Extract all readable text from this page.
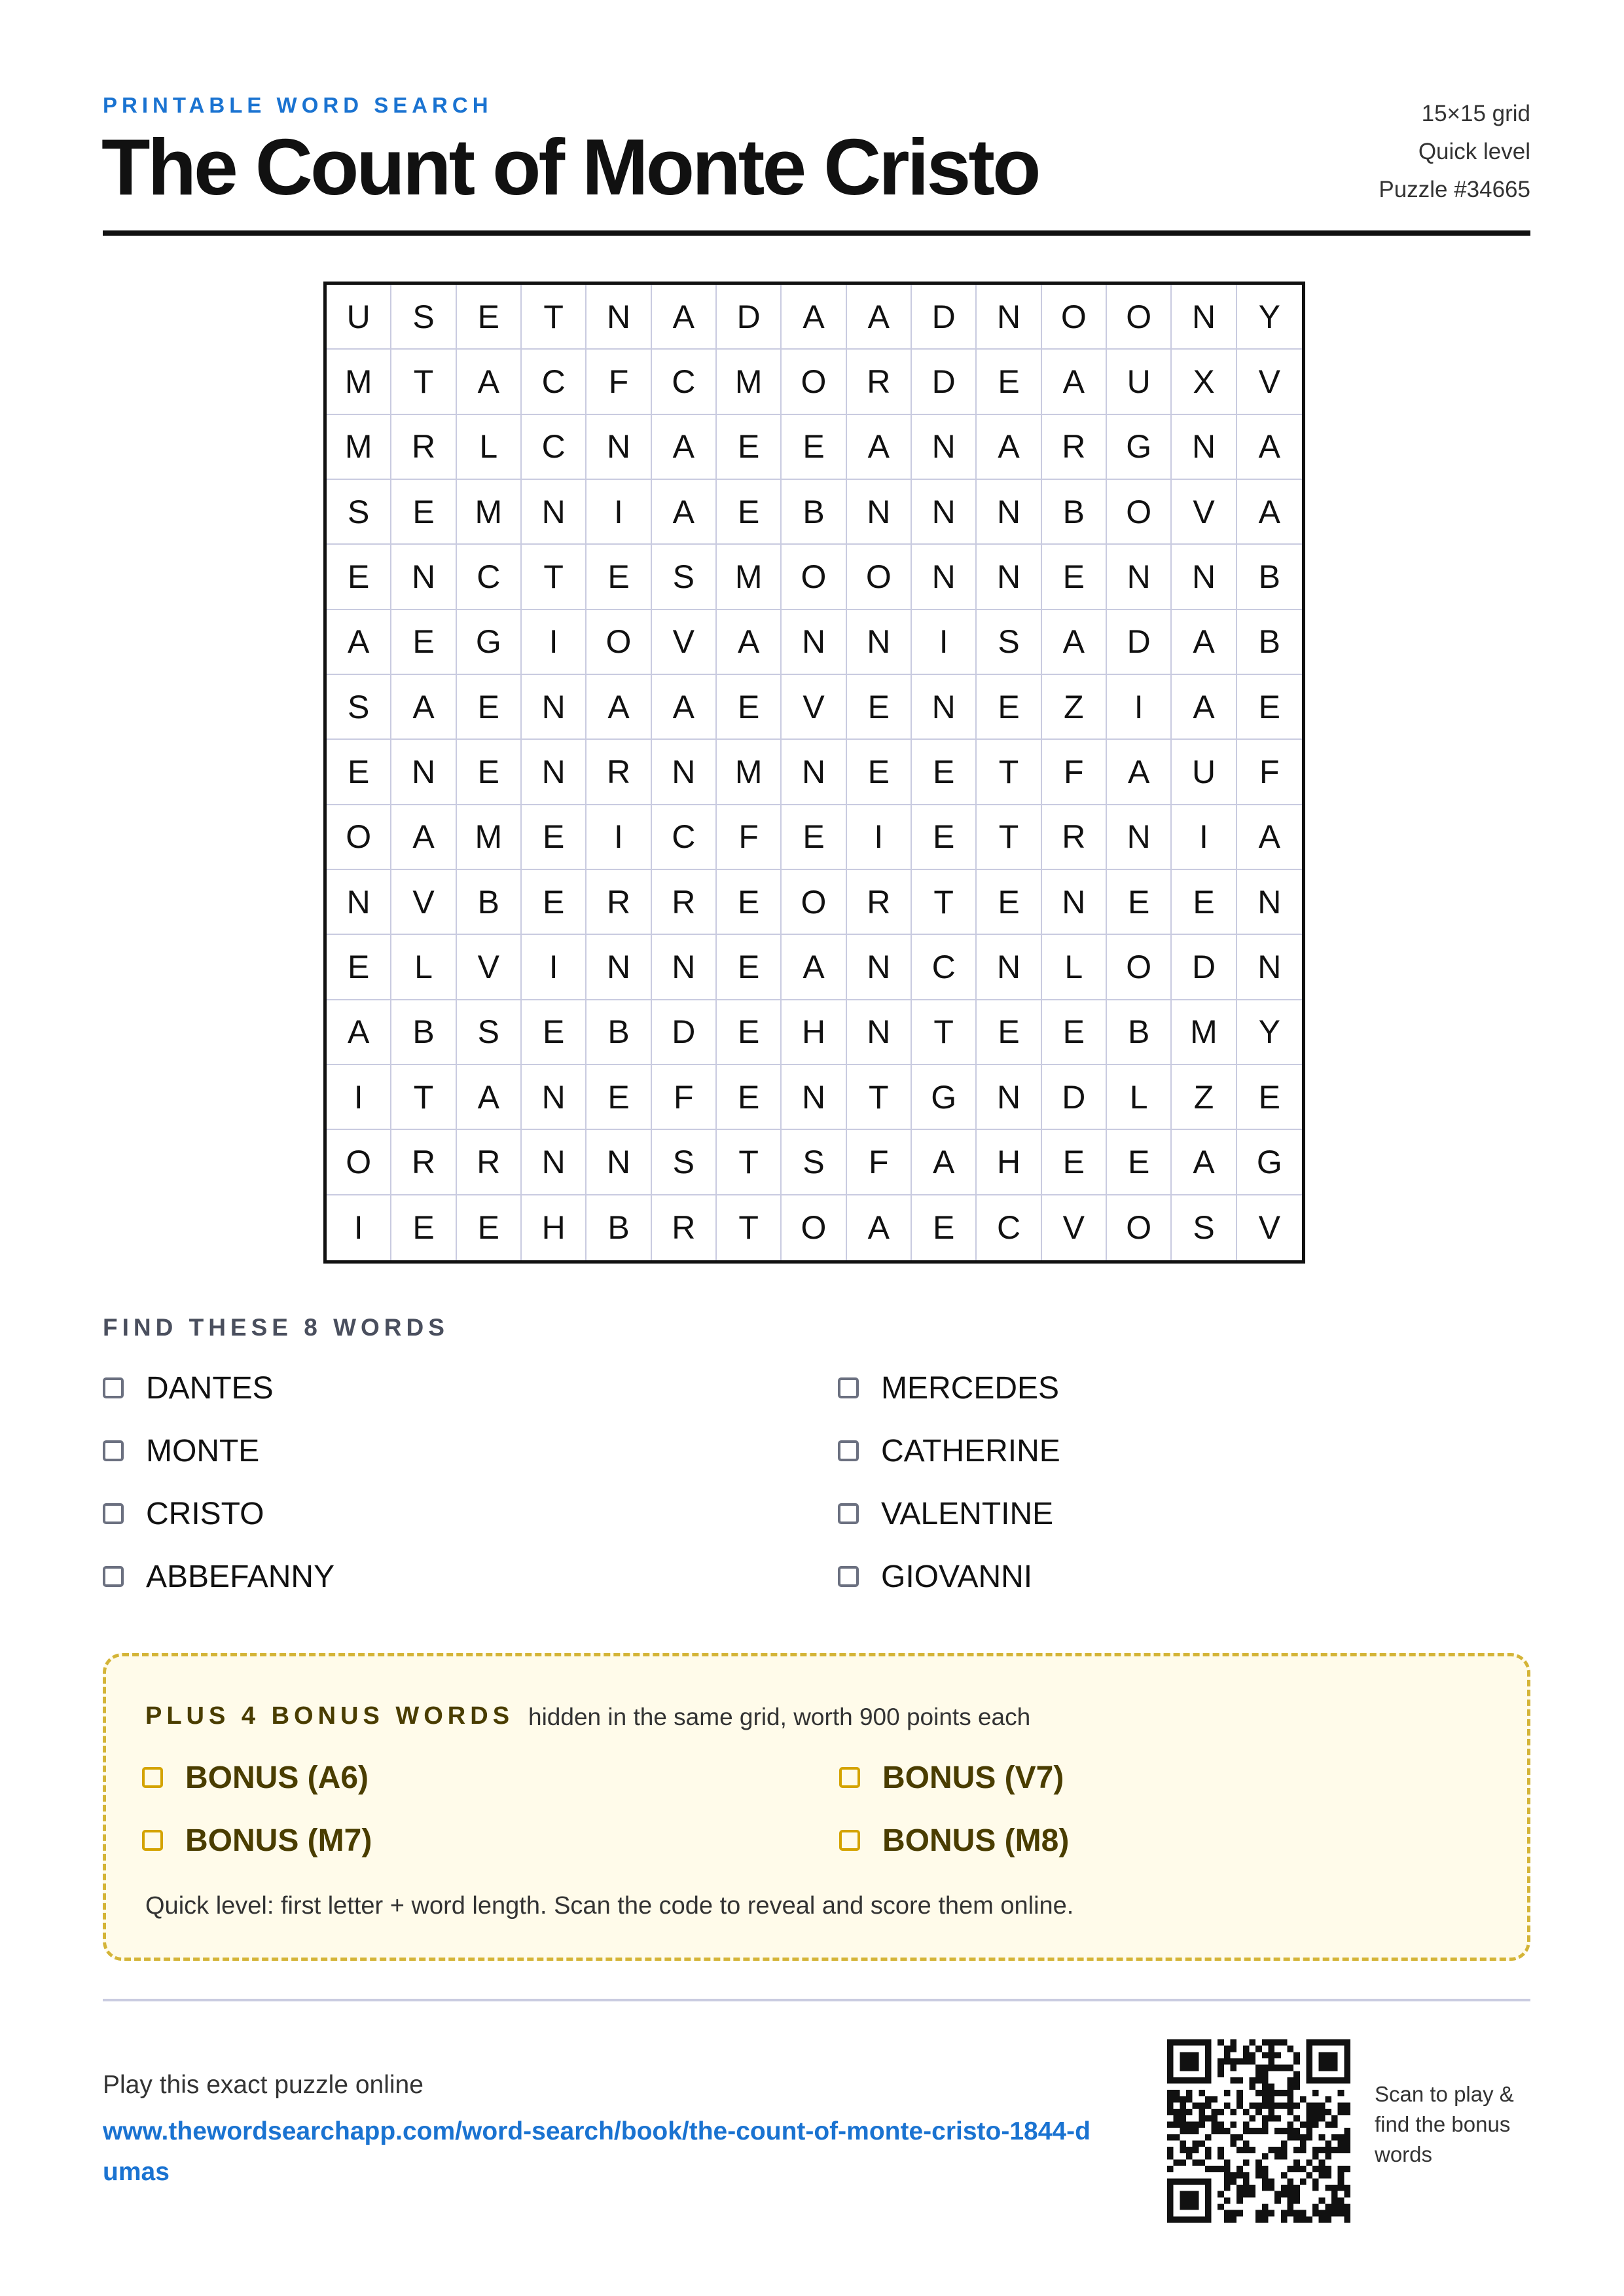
PRINTABLE WORD SEARCH
The Count of Monte Cristo
15×15 grid
Quick level
Puzzle #34665
U	S	E	T	N	A	D	A	A	D	N	O	O	N	Y
M	T	A	C	F	C	M	O	R	D	E	A	U	X	V
M	R	L	C	N	A	E	E	A	N	A	R	G	N	A
S	E	M	N	I	A	E	B	N	N	N	B	O	V	A
E	N	C	T	E	S	M	O	O	N	N	E	N	N	B
A	E	G	I	O	V	A	N	N	I	S	A	D	A	B
S	A	E	N	A	A	E	V	E	N	E	Z	I	A	E
E	N	E	N	R	N	M	N	E	E	T	F	A	U	F
O	A	M	E	I	C	F	E	I	E	T	R	N	I	A
N	V	B	E	R	R	E	O	R	T	E	N	E	E	N
E	L	V	I	N	N	E	A	N	C	N	L	O	D	N
A	B	S	E	B	D	E	H	N	T	E	E	B	M	Y
I	T	A	N	E	F	E	N	T	G	N	D	L	Z	E
O	R	R	N	N	S	T	S	F	A	H	E	E	A	G
I	E	E	H	B	R	T	O	A	E	C	V	O	S	V
FIND THESE 8 WORDS
DANTES
MONTE
CRISTO
ABBEFANNY
MERCEDES
CATHERINE
VALENTINE
GIOVANNI
PLUS 4 BONUS WORDS hidden in the same grid, worth 900 points each
BONUS (A6)	BONUS (V7)
BONUS (M7)	BONUS (M8)
Quick level: first letter + word length. Scan the code to reveal and score them online.
Play this exact puzzle online
www.thewordsearchapp.com/word-search/book/the-count-of-monte-cristo-1844-dumas
Scan to play & find the bonus words
